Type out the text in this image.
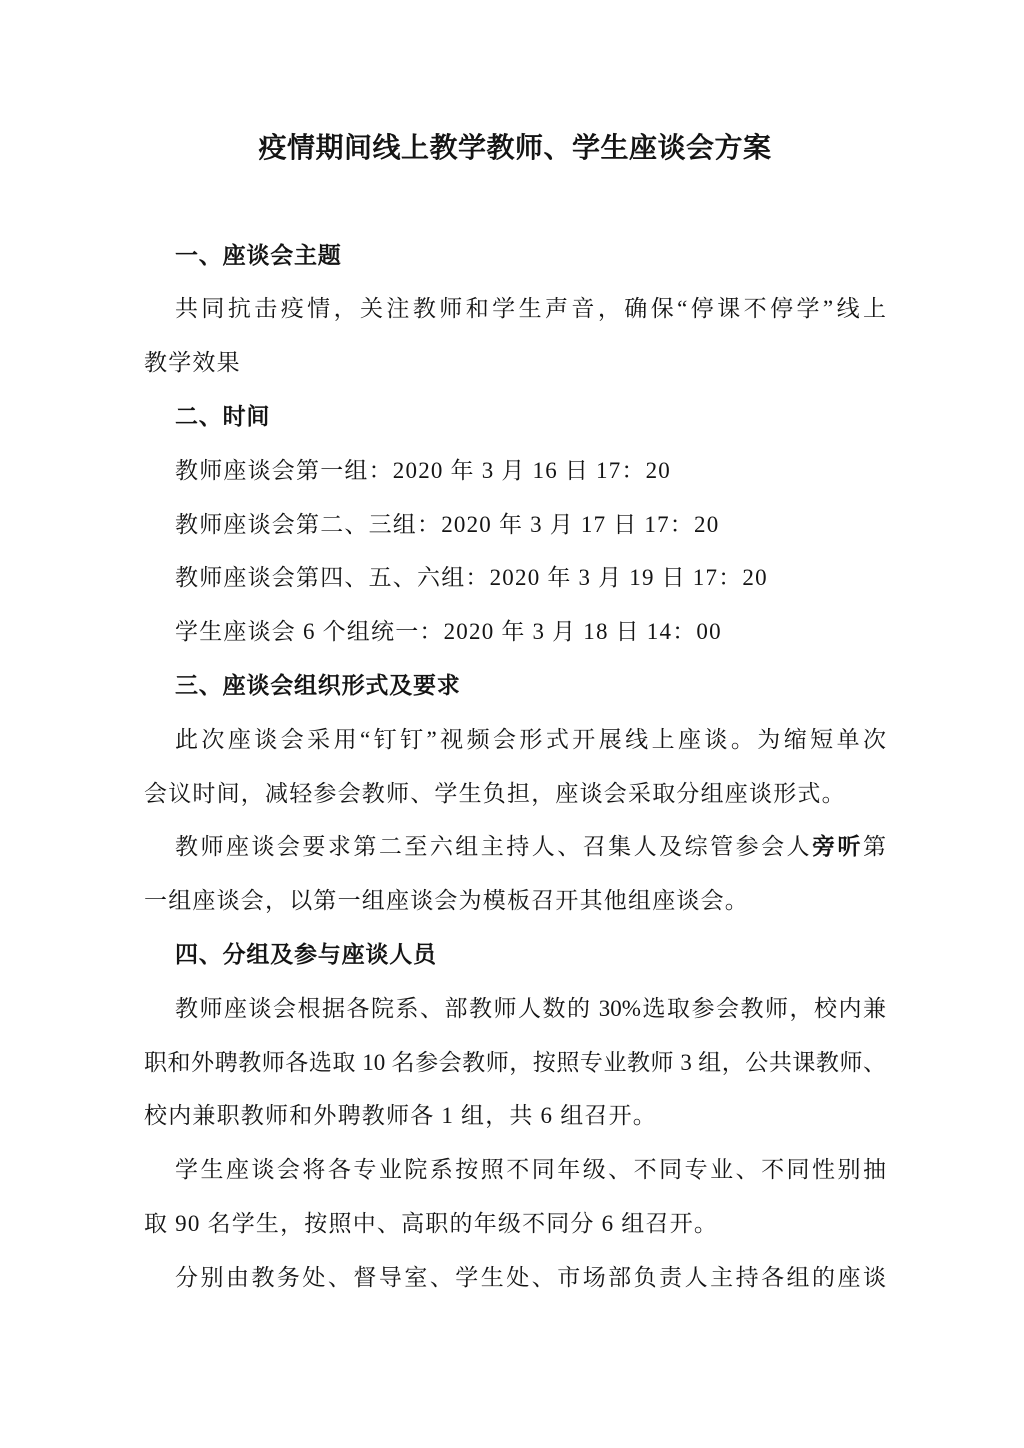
疫情期间线上教学教师、学生座谈会方案
一、座谈会主题
共同抗击疫情，关注教师和学生声音，确保“停课不停学”线上
教学效果
二、时间
教师座谈会第一组：2020 年 3 月 16 日 17：20
教师座谈会第二、三组：2020 年 3 月 17 日 17：20
教师座谈会第四、五、六组：2020 年 3 月 19 日 17：20
学生座谈会 6 个组统一：2020 年 3 月 18 日 14：00
三、座谈会组织形式及要求
此次座谈会采用“钉钉”视频会形式开展线上座谈。为缩短单次
会议时间，减轻参会教师、学生负担，座谈会采取分组座谈形式。
教师座谈会要求第二至六组主持人、召集人及综管参会人旁听第
一组座谈会，以第一组座谈会为模板召开其他组座谈会。
四、分组及参与座谈人员
教师座谈会根据各院系、部教师人数的 30%选取参会教师，校内兼
职和外聘教师各选取 10 名参会教师，按照专业教师 3 组，公共课教师、
校内兼职教师和外聘教师各 1 组，共 6 组召开。
学生座谈会将各专业院系按照不同年级、不同专业、不同性别抽
取 90 名学生，按照中、高职的年级不同分 6 组召开。
分别由教务处、督导室、学生处、市场部负责人主持各组的座谈
